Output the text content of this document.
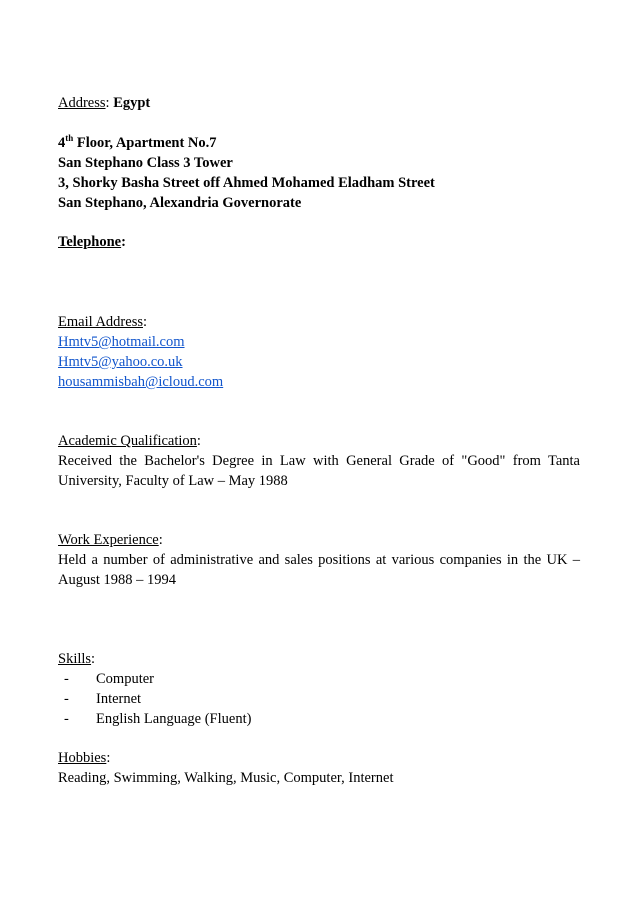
Address: Egypt
4th Floor, Apartment No.7
San Stephano Class 3 Tower
3, Shorky Basha Street off Ahmed Mohamed Eladham Street
San Stephano, Alexandria Governorate
Telephone:
Email Address:
Hmtv5@hotmail.com
Hmtv5@yahoo.co.uk
housammisbah@icloud.com
Academic Qualification:
Received the Bachelor's Degree in Law with General Grade of "Good" from Tanta University, Faculty of Law – May 1988
Work Experience:
Held a number of administrative and sales positions at various companies in the UK – August 1988 – 1994
Skills:
- Computer
- Internet
- English Language (Fluent)
Hobbies:
Reading, Swimming, Walking, Music, Computer, Internet
